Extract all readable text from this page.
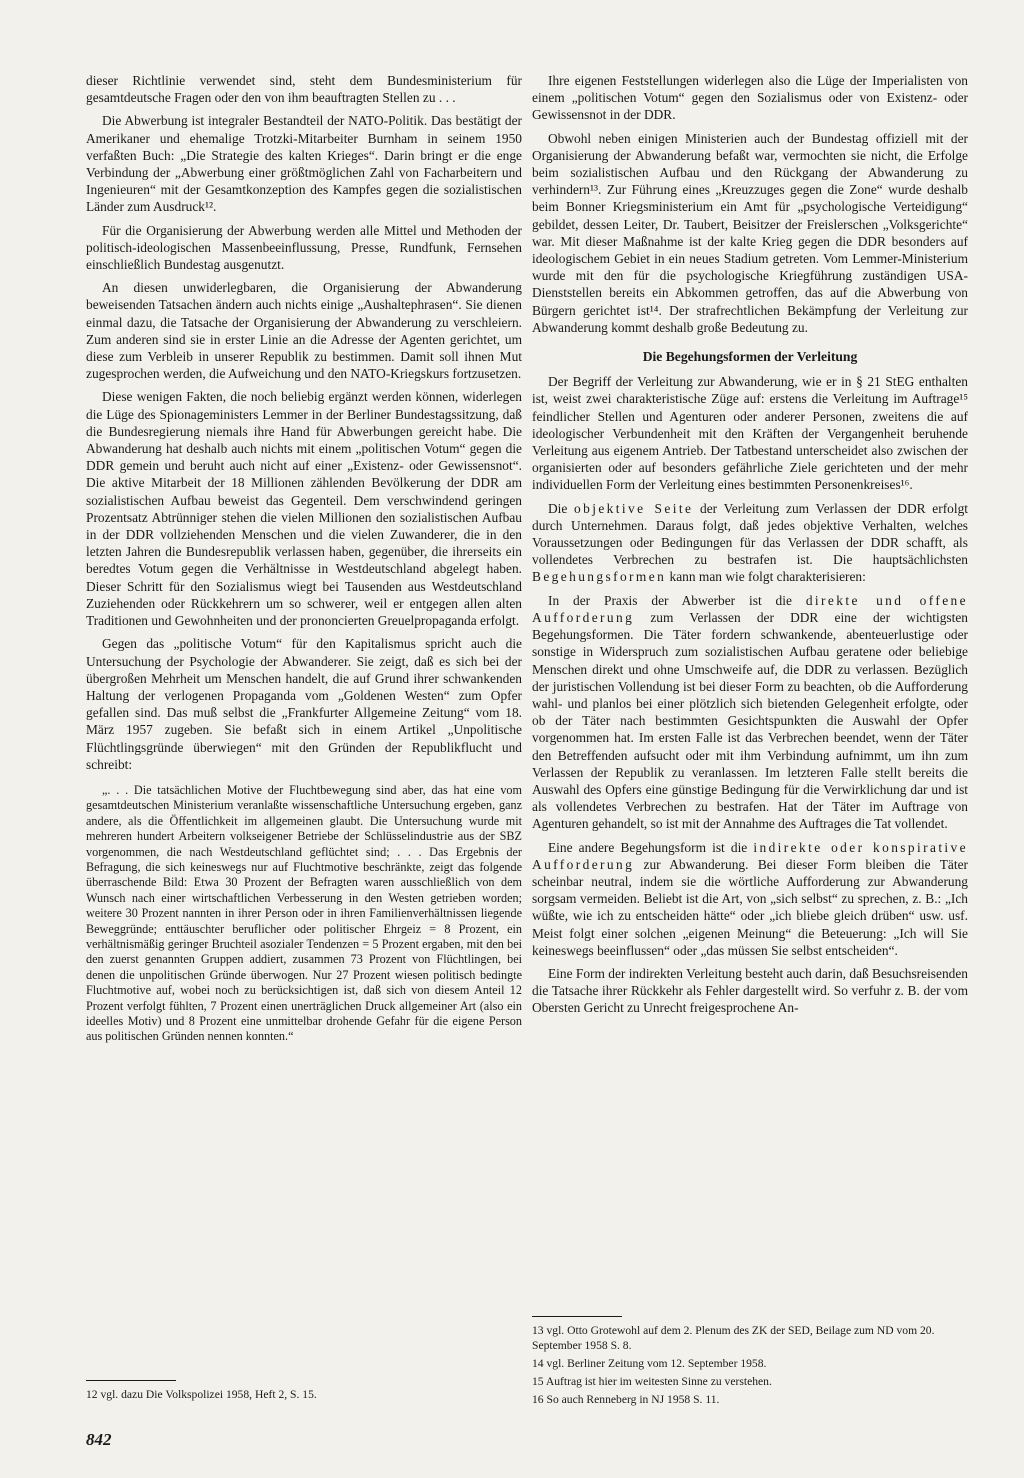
dieser Richtlinie verwendet sind, steht dem Bundesministerium für gesamtdeutsche Fragen oder den von ihm beauftragten Stellen zu . . .

Die Abwerbung ist integraler Bestandteil der NATO-Politik. Das bestätigt der Amerikaner und ehemalige Trotzki-Mitarbeiter Burnham in seinem 1950 verfaßten Buch: „Die Strategie des kalten Krieges“. Darin bringt er die enge Verbindung der „Abwerbung einer größtmöglichen Zahl von Facharbeitern und Ingenieuren“ mit der Gesamtkonzeption des Kampfes gegen die sozialistischen Länder zum Ausdruck¹².

Für die Organisierung der Abwerbung werden alle Mittel und Methoden der politisch-ideologischen Massenbeeinflussung, Presse, Rundfunk, Fernsehen einschließlich Bundestag ausgenutzt.

An diesen unwiderlegbaren, die Organisierung der Abwanderung beweisenden Tatsachen ändern auch nichts einige „Aushaltephrasen“. Sie dienen einmal dazu, die Tatsache der Organisierung der Abwanderung zu verschleiern. Zum anderen sind sie in erster Linie an die Adresse der Agenten gerichtet, um diese zum Verbleib in unserer Republik zu bestimmen. Damit soll ihnen Mut zugesprochen werden, die Aufweichung und den NATO-Kriegskurs fortzusetzen.

Diese wenigen Fakten, die noch beliebig ergänzt werden können, widerlegen die Lüge des Spionageministers Lemmer in der Berliner Bundestagssitzung, daß die Bundesregierung niemals ihre Hand für Abwerbungen gereicht habe. Die Abwanderung hat deshalb auch nichts mit einem „politischen Votum“ gegen die DDR gemein und beruht auch nicht auf einer „Existenz- oder Gewissensnot“. Die aktive Mitarbeit der 18 Millionen zählenden Bevölkerung der DDR am sozialistischen Aufbau beweist das Gegenteil. Dem verschwindend geringen Prozentsatz Abtrünniger stehen die vielen Millionen den sozialistischen Aufbau in der DDR vollziehenden Menschen und die vielen Zuwanderer, die in den letzten Jahren die Bundesrepublik verlassen haben, gegenüber, die ihrerseits ein beredtes Votum gegen die Verhältnisse in Westdeutschland abgelegt haben. Dieser Schritt für den Sozialismus wiegt bei Tausenden aus Westdeutschland Zuziehenden oder Rückkehrern um so schwerer, weil er entgegen allen alten Traditionen und Gewohnheiten und der prononcierten Greuelpropaganda erfolgt.

Gegen das „politische Votum“ für den Kapitalismus spricht auch die Untersuchung der Psychologie der Abwanderer. Sie zeigt, daß es sich bei der übergroßen Mehrheit um Menschen handelt, die auf Grund ihrer schwankenden Haltung der verlogenen Propaganda vom „Goldenen Westen“ zum Opfer gefallen sind. Das muß selbst die „Frankfurter Allgemeine Zeitung“ vom 18. März 1957 zugeben. Sie befaßt sich in einem Artikel „Unpolitische Flüchtlingsgründe überwiegen“ mit den Gründen der Republikflucht und schreibt:

„. . . Die tatsächlichen Motive der Fluchtbewegung sind aber, das hat eine vom gesamtdeutschen Ministerium veranlaßte wissenschaftliche Untersuchung ergeben, ganz andere, als die Öffentlichkeit im allgemeinen glaubt. Die Untersuchung wurde mit mehreren hundert Arbeitern volkseigener Betriebe der Schlüsselindustrie aus der SBZ vorgenommen, die nach Westdeutschland geflüchtet sind; . . . Das Ergebnis der Befragung, die sich keineswegs nur auf Fluchtmotive beschränkte, zeigt das folgende überraschende Bild: Etwa 30 Prozent der Befragten waren ausschließlich von dem Wunsch nach einer wirtschaftlichen Verbesserung in den Westen getrieben worden; weitere 30 Prozent nannten in ihrer Person oder in ihren Familienverhältnissen liegende Beweggründe; enttäuschter beruflicher oder politischer Ehrgeiz = 8 Prozent, ein verhältnismäßig geringer Bruchteil asozialer Tendenzen = 5 Prozent ergaben, mit den bei den zuerst genannten Gruppen addiert, zusammen 73 Prozent von Flüchtlingen, bei denen die unpolitischen Gründe überwogen. Nur 27 Prozent wiesen politisch bedingte Fluchtmotive auf, wobei noch zu berücksichtigen ist, daß sich von diesem Anteil 12 Prozent verfolgt fühlten, 7 Prozent einen unerträglichen Druck allgemeiner Art (also ein ideelles Motiv) und 8 Prozent eine unmittelbar drohende Gefahr für die eigene Person aus politischen Gründen nennen konnten.“

Ihre eigenen Feststellungen widerlegen also die Lüge der Imperialisten von einem „politischen Votum“ gegen den Sozialismus oder von Existenz- oder Gewissensnot in der DDR.

Obwohl neben einigen Ministerien auch der Bundestag offiziell mit der Organisierung der Abwanderung befaßt war, vermochten sie nicht, die Erfolge beim sozialistischen Aufbau und den Rückgang der Abwanderung zu verhindern¹³. Zur Führung eines „Kreuzzuges gegen die Zone“ wurde deshalb beim Bonner Kriegsministerium ein Amt für „psychologische Verteidigung“ gebildet, dessen Leiter, Dr. Taubert, Beisitzer der Freislerschen „Volksgerichte“ war. Mit dieser Maßnahme ist der kalte Krieg gegen die DDR besonders auf ideologischem Gebiet in ein neues Stadium getreten. Vom Lemmer-Ministerium wurde mit den für die psychologische Kriegführung zuständigen USA-Dienststellen bereits ein Abkommen getroffen, das auf die Abwerbung von Bürgern gerichtet ist¹⁴. Der strafrechtlichen Bekämpfung der Verleitung zur Abwanderung kommt deshalb große Bedeutung zu.

Die Begehungsformen der Verleitung

Der Begriff der Verleitung zur Abwanderung, wie er in § 21 StEG enthalten ist, weist zwei charakteristische Züge auf: erstens die Verleitung im Auftrage¹⁵ feindlicher Stellen und Agenturen oder anderer Personen, zweitens die auf ideologischer Verbundenheit mit den Kräften der Vergangenheit beruhende Verleitung aus eigenem Antrieb. Der Tatbestand unterscheidet also zwischen der organisierten oder auf besonders gefährliche Ziele gerichteten und der mehr individuellen Form der Verleitung eines bestimmten Personenkreises¹⁶.

Die objektive Seite der Verleitung zum Verlassen der DDR erfolgt durch Unternehmen. Daraus folgt, daß jedes objektive Verhalten, welches Voraussetzungen oder Bedingungen für das Verlassen der DDR schafft, als vollendetes Verbrechen zu bestrafen ist. Die hauptsächlichsten Begehungsformen kann man wie folgt charakterisieren:

In der Praxis der Abwerber ist die direkte und offene Aufforderung zum Verlassen der DDR eine der wichtigsten Begehungsformen. Die Täter fordern schwankende, abenteuerlustige oder sonstige in Widerspruch zum sozialistischen Aufbau geratene oder beliebige Menschen direkt und ohne Umschweife auf, die DDR zu verlassen. Bezüglich der juristischen Vollendung ist bei dieser Form zu beachten, ob die Aufforderung wahl- und planlos bei einer plötzlich sich bietenden Gelegenheit erfolgte, oder ob der Täter nach bestimmten Gesichtspunkten die Auswahl der Opfer vorgenommen hat. Im ersten Falle ist das Verbrechen beendet, wenn der Täter den Betreffenden aufsucht oder mit ihm Verbindung aufnimmt, um ihn zum Verlassen der Republik zu veranlassen. Im letzteren Falle stellt bereits die Auswahl des Opfers eine günstige Bedingung für die Verwirklichung dar und ist als vollendetes Verbrechen zu bestrafen. Hat der Täter im Auftrage von Agenturen gehandelt, so ist mit der Annahme des Auftrages die Tat vollendet.

Eine andere Begehungsform ist die indirekte oder konspirative Aufforderung zur Abwanderung. Bei dieser Form bleiben die Täter scheinbar neutral, indem sie die wörtliche Aufforderung zur Abwanderung sorgsam vermeiden. Beliebt ist die Art, von „sich selbst“ zu sprechen, z. B.: „Ich wüßte, wie ich zu entscheiden hätte“ oder „ich bliebe gleich drüben“ usw. usf. Meist folgt einer solchen „eigenen Meinung“ die Beteuerung: „Ich will Sie keineswegs beeinflussen“ oder „das müssen Sie selbst entscheiden“.

Eine Form der indirekten Verleitung besteht auch darin, daß Besuchsreisenden die Tatsache ihrer Rückkehr als Fehler dargestellt wird. So verfuhr z. B. der vom Obersten Gericht zu Unrecht freigesprochene An-

12 vgl. dazu Die Volkspolizei 1958, Heft 2, S. 15.

13 vgl. Otto Grotewohl auf dem 2. Plenum des ZK der SED, Beilage zum ND vom 20. September 1958 S. 8.

14 vgl. Berliner Zeitung vom 12. September 1958.

15 Auftrag ist hier im weitesten Sinne zu verstehen.

16 So auch Renneberg in NJ 1958 S. 11.

842
